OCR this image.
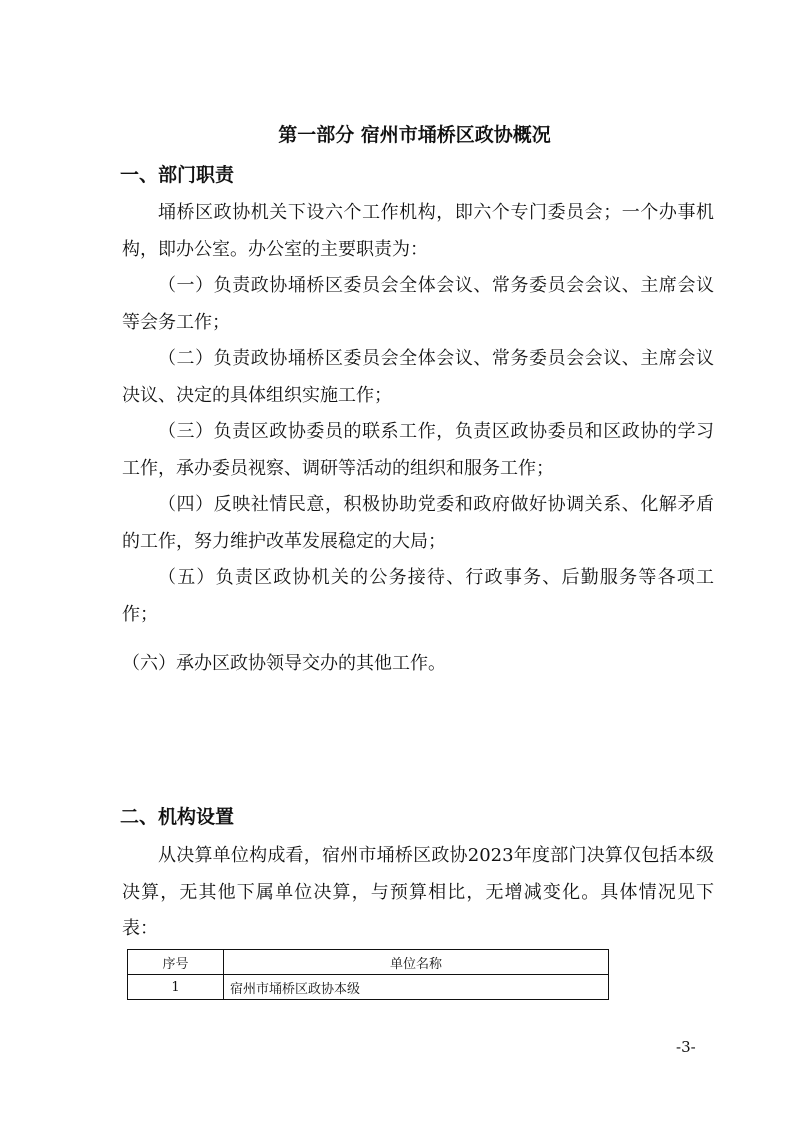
第一部分 宿州市埇桥区政协概况
一、部门职责

埇桥区政协机关下设六个工作机构，即六个专门委员会；一个办事机构，即办公室。办公室的主要职责为：

（一）负责政协埇桥区委员会全体会议、常务委员会会议、主席会议等会务工作；

（二）负责政协埇桥区委员会全体会议、常务委员会会议、主席会议决议、决定的具体组织实施工作；

（三）负责区政协委员的联系工作，负责区政协委员和区政协的学习工作，承办委员视察、调研等活动的组织和服务工作；

（四）反映社情民意，积极协助党委和政府做好协调关系、化解矛盾的工作，努力维护改革发展稳定的大局；

（五）负责区政协机关的公务接待、行政事务、后勤服务等各项工作；

（六）承办区政协领导交办的其他工作。

二、机构设置

从决算单位构成看，宿州市埇桥区政协2023年度部门决算仅包括本级决算，无其他下属单位决算，与预算相比，无增减变化。具体情况见下表：

序号	单位名称
1	宿州市埇桥区政协本级
-3-
